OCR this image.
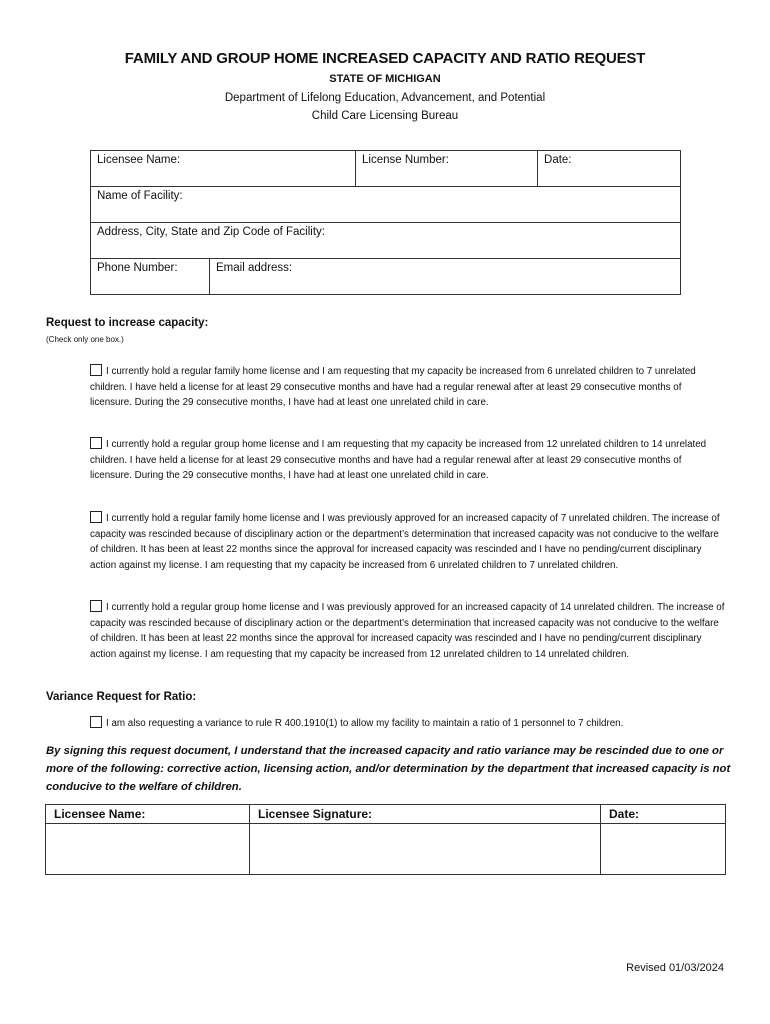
FAMILY AND GROUP HOME INCREASED CAPACITY AND RATIO REQUEST
STATE OF MICHIGAN
Department of Lifelong Education, Advancement, and Potential
Child Care Licensing Bureau
Licensee Name:		License Number:	Date:
Name of Facility:			
Address, City, State and Zip Code of Facility:			
Phone Number:	Email address:		
Request to increase capacity:
(Check only one box.)
I currently hold a regular family home license and I am requesting that my capacity be increased from 6 unrelated children to 7 unrelated children. I have held a license for at least 29 consecutive months and have had a regular renewal after at least 29 consecutive months of licensure. During the 29 consecutive months, I have had at least one unrelated child in care.
I currently hold a regular group home license and I am requesting that my capacity be increased from 12 unrelated children to 14 unrelated children. I have held a license for at least 29 consecutive months and have had a regular renewal after at least 29 consecutive months of licensure. During the 29 consecutive months, I have had at least one unrelated child in care.
I currently hold a regular family home license and I was previously approved for an increased capacity of 7 unrelated children. The increase of capacity was rescinded because of disciplinary action or the department’s determination that increased capacity was not conducive to the welfare of children. It has been at least 22 months since the approval for increased capacity was rescinded and I have no pending/current disciplinary action against my license. I am requesting that my capacity be increased from 6 unrelated children to 7 unrelated children.
I currently hold a regular group home license and I was previously approved for an increased capacity of 14 unrelated children. The increase of capacity was rescinded because of disciplinary action or the department’s determination that increased capacity was not conducive to the welfare of children. It has been at least 22 months since the approval for increased capacity was rescinded and I have no pending/current disciplinary action against my license. I am requesting that my capacity be increased from 12 unrelated children to 14 unrelated children.
Variance Request for Ratio:
I am also requesting a variance to rule R 400.1910(1) to allow my facility to maintain a ratio of 1 personnel to 7 children.
By signing this request document, I understand that the increased capacity and ratio variance may be rescinded due to one or more of the following: corrective action, licensing action, and/or determination by the department that increased capacity is not conducive to the welfare of children.
Licensee Name:	Licensee Signature:	Date:

Revised 01/03/2024
